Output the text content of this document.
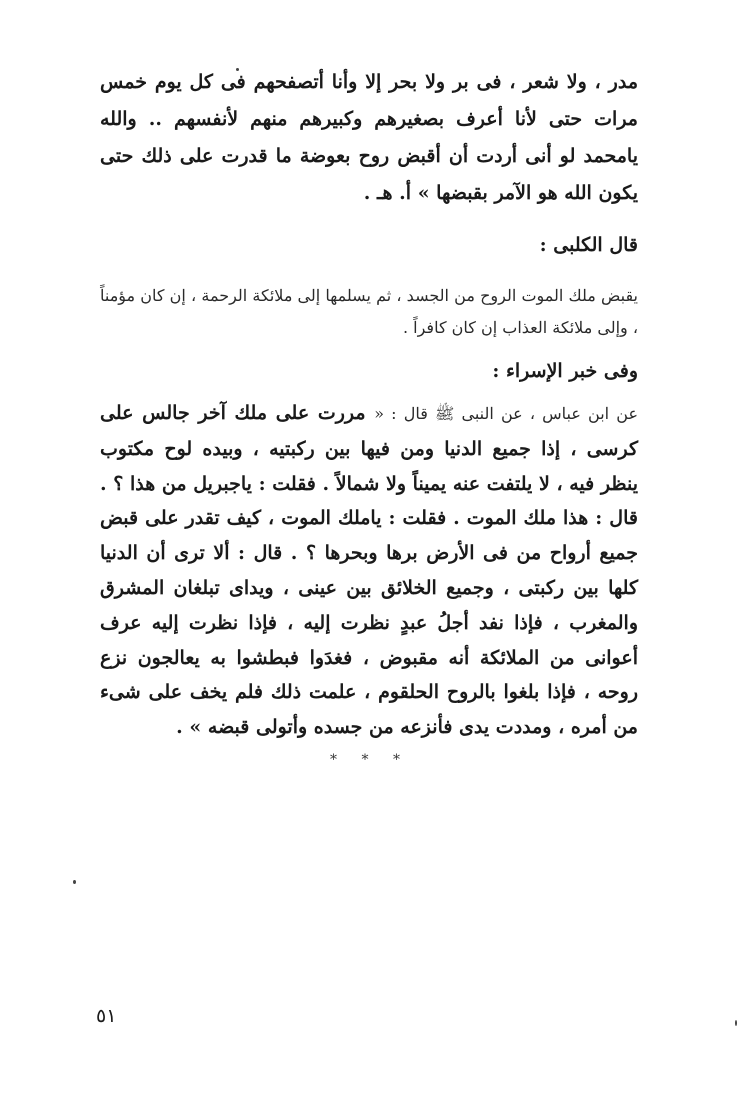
مدر ، ولا شعر ، فى بر ولا بحر إلا وأنا أتصفحهم فى كل يوم خمس مرات حتى لأنا أعرف بصغيرهم وكبيرهم منهم لأنفسهم .. والله يامحمد لو أنى أردت أن أقبض روح بعوضة ما قدرت على ذلك حتى يكون الله هو الآمر بقبضها » أ. هـ .

قال الكلبى :

يقبض ملك الموت الروح من الجسد ، ثم يسلمها إلى ملائكة الرحمة ، إن كان مؤمناً ، وإلى ملائكة العذاب إن كان كافراً .

وفى خبر الإسراء :

عن ابن عباس ، عن النبى ﷺ قال : « مررت على ملك آخر جالس على كرسى ، إذا جميع الدنيا ومن فيها بين ركبتيه ، وبيده لوح مكتوب ينظر فيه ، لا يلتفت عنه يميناً ولا شمالاً . فقلت : ياجبريل من هذا ؟ . قال : هذا ملك الموت . فقلت : ياملك الموت ، كيف تقدر على قبض جميع أرواح من فى الأرض برها وبحرها ؟ . قال : ألا ترى أن الدنيا كلها بين ركبتى ، وجميع الخلائق بين عينى ، ويداى تبلغان المشرق والمغرب ، فإذا نفد أجلُ عبدٍ نظرت إليه ، فإذا نظرت إليه عرف أعوانى من الملائكة أنه مقبوض ، فغدَوا فبطشوا به يعالجون نزع روحه ، فإذا بلغوا بالروح الحلقوم ، علمت ذلك فلم يخف على شىء من أمره ، ومددت يدى فأنزعه من جسده وأتولى قبضه » .

* * *
٥١
